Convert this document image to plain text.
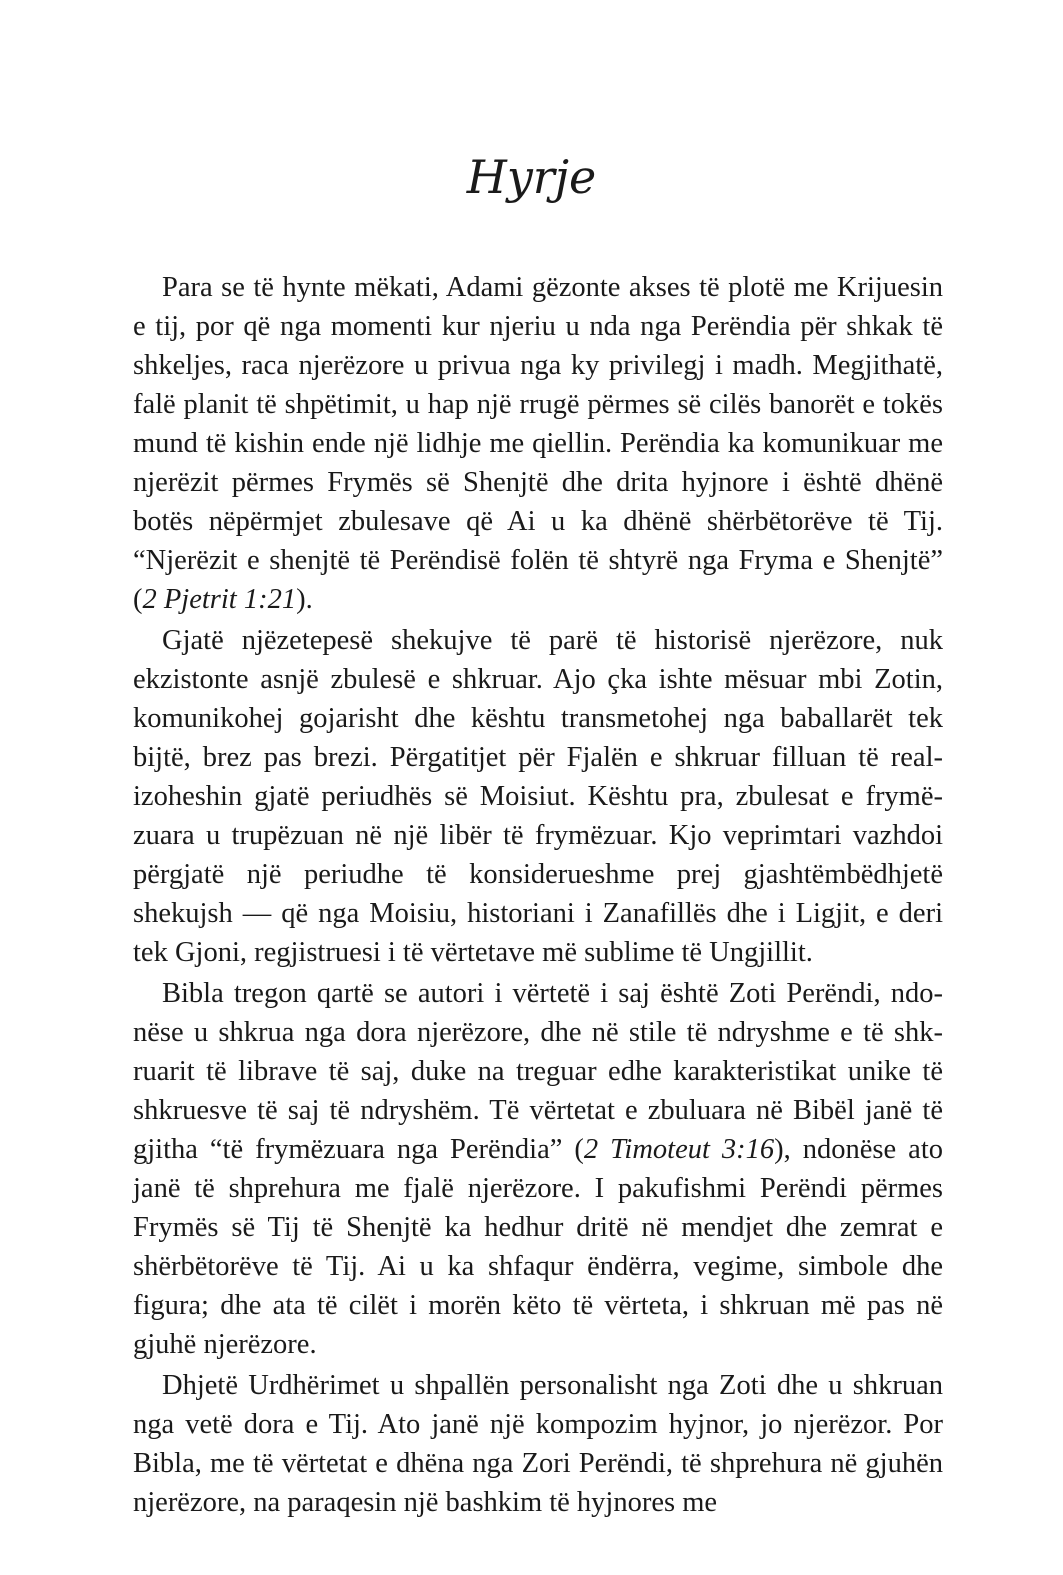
Hyrje

Para se të hynte mëkati, Adami gëzonte akses të plotë me Krijuesin e tij, por që nga momenti kur njeriu u nda nga Perëndia për shkak të shkeljes, raca njerëzore u privua nga ky privilegj i madh. Megjithatë, falë planit të shpëtimit, u hap një rrugë përmes së cilës banorët e tokës mund të kishin ende një lidhje me qiellin. Perëndia ka komunikuar me njerëzit përmes Frymës së Shenjtë dhe drita hyjnore i është dhënë botës nëpërmjet zbulesave që Ai u ka dhënë shërbëtorëve të Tij. “Njerëzit e shenjtë të Perëndisë folën të shtyrë nga Fryma e Shenjtë” (2 Pjetrit 1:21).

Gjatë njëzetepesë shekujve të parë të historisë njerëzore, nuk ekzistonte asnjë zbulesë e shkruar. Ajo çka ishte mësuar mbi Zotin, komunikohej gojarisht dhe kështu transmetohej nga baballarët tek bijtë, brez pas brezi. Përgatitjet për Fjalën e shkruar filluan të realizoheshin gjatë periudhës së Moisiut. Kështu pra, zbulesat e frymëzuara u trupëzuan në një libër të frymëzuar. Kjo veprimtari vazhdoi përgjatë një periudhe të konsiderueshme prej gjashtëmbëdhjetë shekujsh — që nga Moisiu, historiani i Zanafillës dhe i Ligjit, e deri tek Gjoni, regjistruesi i të vërtetave më sublime të Ungjillit.

Bibla tregon qartë se autori i vërtetë i saj është Zoti Perëndi, ndonëse u shkrua nga dora njerëzore, dhe në stile të ndryshme e të shkruarit të librave të saj, duke na treguar edhe karakteristikat unike të shkruesve të saj të ndryshëm. Të vërtetat e zbuluara në Bibël janë të gjitha “të frymëzuara nga Perëndia” (2 Timoteut 3:16), ndonëse ato janë të shprehura me fjalë njerëzore. I pakufishmi Perëndi përmes Frymës së Tij të Shenjtë ka hedhur dritë në mendjet dhe zemrat e shërbëtorëve të Tij. Ai u ka shfaqur ëndërra, vegime, simbole dhe figura; dhe ata të cilët i morën këto të vërteta, i shkruan më pas në gjuhë njerëzore.

Dhjetë Urdhërimet u shpallën personalisht nga Zoti dhe u shkruan nga vetë dora e Tij. Ato janë një kompozim hyjnor, jo njerëzor. Por Bibla, me të vërtetat e dhëna nga Zori Perëndi, të shprehura në gjuhën njerëzore, na paraqesin një bashkim të hyjnores me
